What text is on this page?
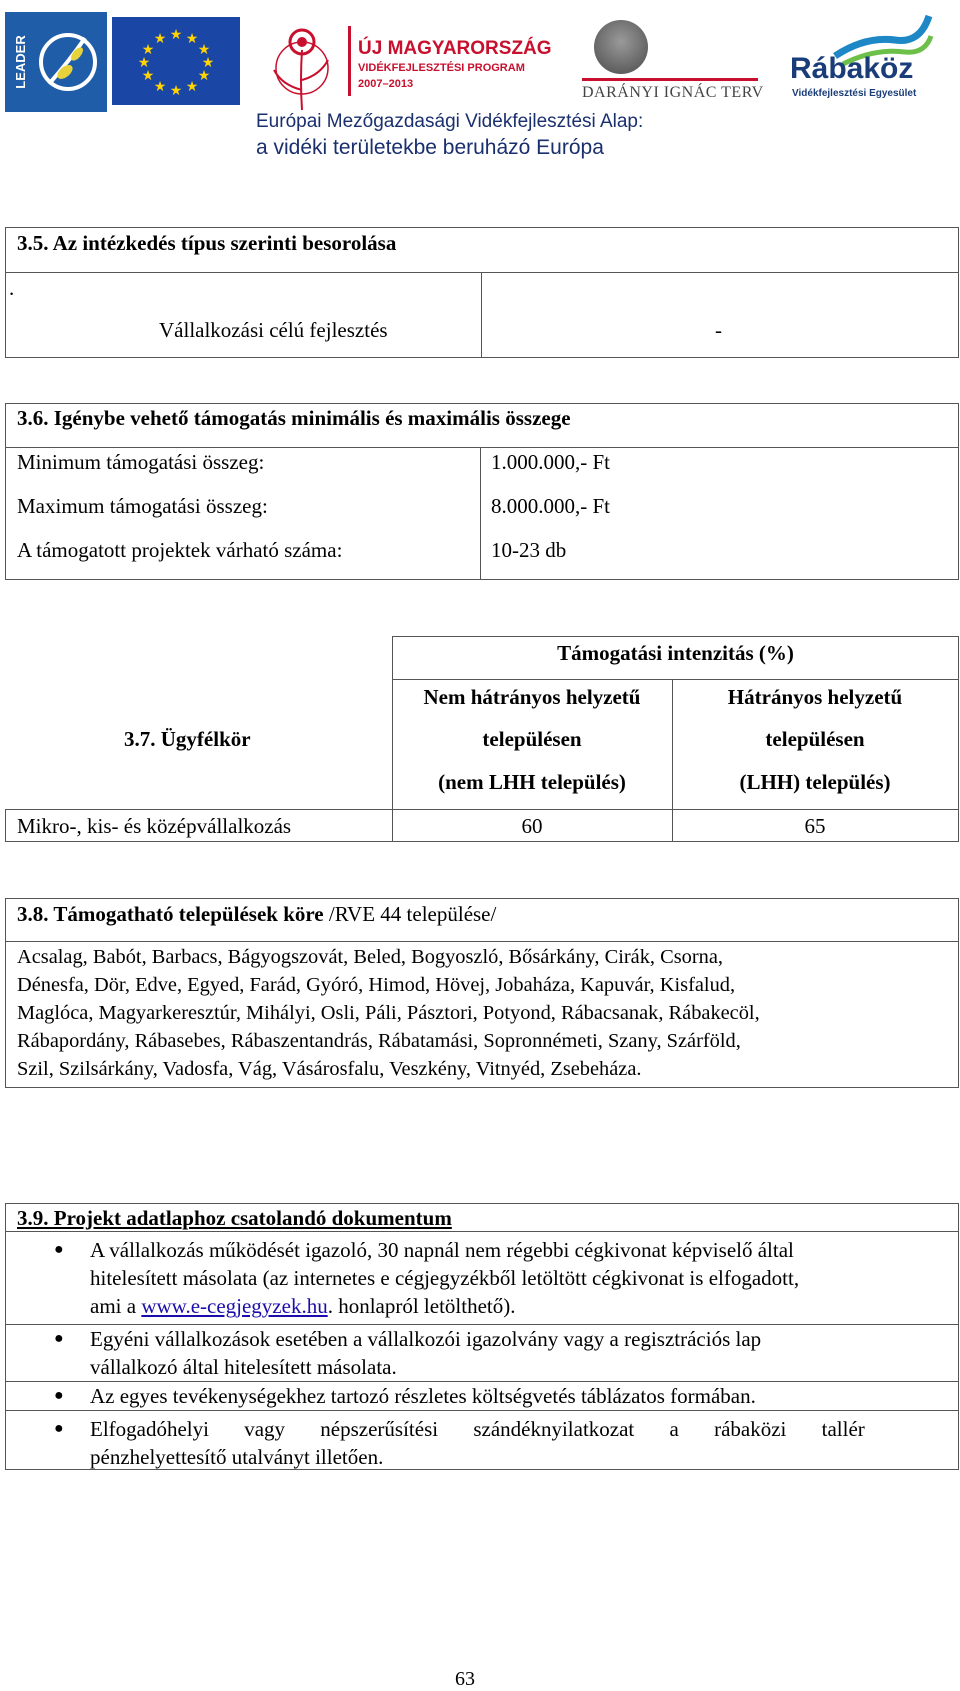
LEADER
★ ★
★
★
★
★
★
★
★
★
★
★	ÚJ MAGYARORSZÁG
VIDÉKFEJLESZTÉSI PROGRAM
2007–2013	DARÁNYI IGNÁC TERV
Rábaköz
Vidékfejlesztési Egyesület
Európai Mezőgazdasági Vidékfejlesztési Alap:
a vidéki területekbe beruházó Európa
3.5. Az intézkedés típus szerinti besorolása
.
Vállalkozási célú fejlesztés	-
3.6. Igénybe vehető támogatás minimális és maximális összege
Minimum támogatási összeg:	1.000.000,- Ft
Maximum támogatási összeg:	8.000.000,- Ft
A támogatott projektek várható száma:	10-23 db
3.7. Ügyfélkör
Támogatási intenzitás (%)
Nem hátrányos helyzetű
településen
(nem LHH település)
Hátrányos helyzetű
településen
(LHH) település)
Mikro-, kis- és középvállalkozás	60	65
3.8. Támogatható települések köre /RVE 44 települése/
Acsalag, Babót, Barbacs, Bágyogszovát, Beled, Bogyoszló, Bősárkány, Cirák, Csorna,
Dénesfa, Dör, Edve, Egyed, Farád, Gyóró, Himod, Hövej, Jobaháza, Kapuvár, Kisfalud,
Maglóca, Magyarkeresztúr, Mihályi, Osli, Páli, Pásztori, Potyond, Rábacsanak, Rábakecöl,
Rábapordány, Rábasebes, Rábaszentandrás, Rábatamási, Sopronnémeti, Szany, Szárföld,
Szil, Szilsárkány, Vadosfa, Vág, Vásárosfalu, Veszkény, Vitnyéd, Zsebeháza.
3.9. Projekt adatlaphoz csatolandó dokumentum
● A vállalkozás működését igazoló, 30 napnál nem régebbi cégkivonat képviselő által
hitelesített másolata (az internetes e cégjegyzékből letöltött cégkivonat is elfogadott,
ami a www.e-cegjegyzek.hu. honlapról letölthető).
● Egyéni vállalkozások esetében a vállalkozói igazolvány vagy a regisztrációs lap
vállalkozó által hitelesített másolata.
● Az egyes tevékenységekhez tartozó részletes költségvetés táblázatos formában.
● Elfogadóhelyi vagy népszerűsítési szándéknyilatkozat a rábaközi tallér
pénzhelyettesítő utalványt illetően.
63
